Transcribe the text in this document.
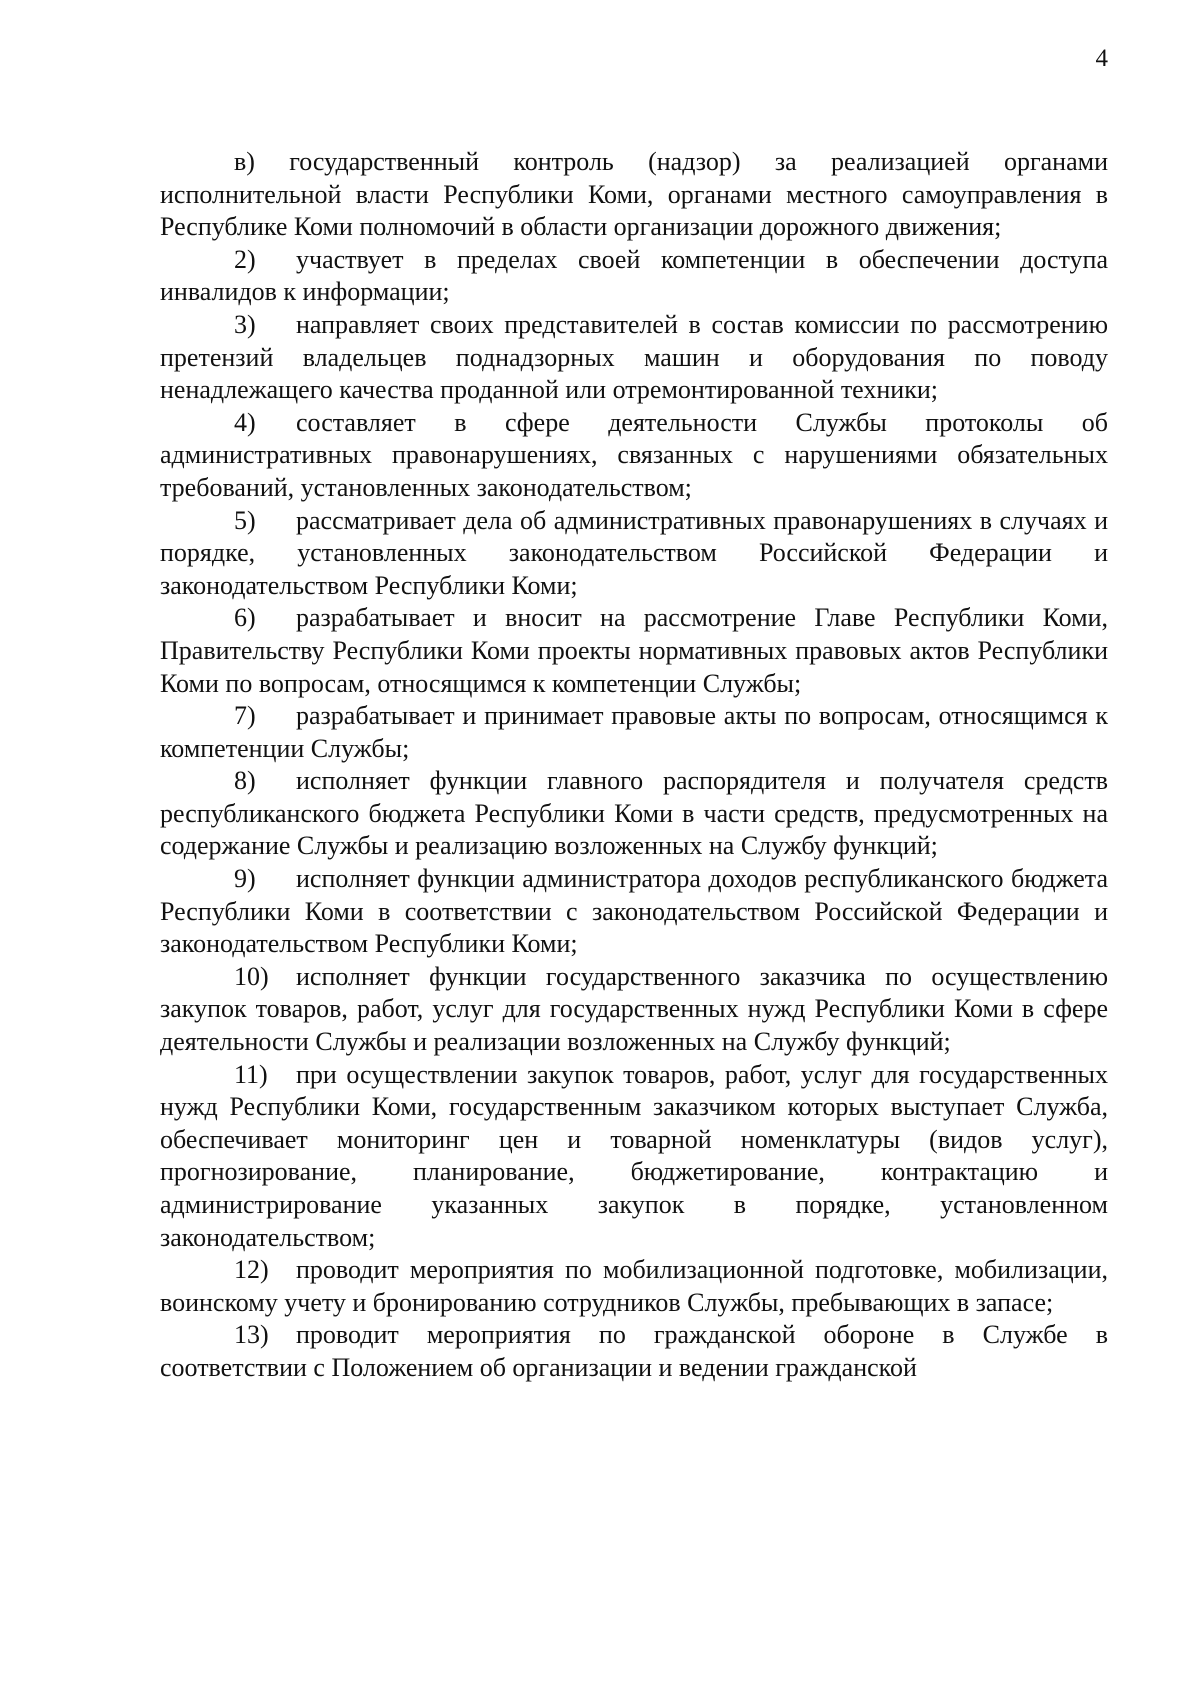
4

в) государственный контроль (надзор) за реализацией органами исполнительной власти Республики Коми, органами местного самоуправления в Республике Коми полномочий в области организации дорожного движения;

2) участвует в пределах своей компетенции в обеспечении доступа инвалидов к информации;

3) направляет своих представителей в состав комиссии по рассмотрению претензий владельцев поднадзорных машин и оборудования по поводу ненадлежащего качества проданной или отремонтированной техники;

4) составляет в сфере деятельности Службы протоколы об административных правонарушениях, связанных с нарушениями обязательных требований, установленных законодательством;

5) рассматривает дела об административных правонарушениях в случаях и порядке, установленных законодательством Российской Федерации и законодательством Республики Коми;

6) разрабатывает и вносит на рассмотрение Главе Республики Коми, Правительству Республики Коми проекты нормативных правовых актов Республики Коми по вопросам, относящимся к компетенции Службы;

7) разрабатывает и принимает правовые акты по вопросам, относящимся к компетенции Службы;

8) исполняет функции главного распорядителя и получателя средств республиканского бюджета Республики Коми в части средств, предусмотренных на содержание Службы и реализацию возложенных на Службу функций;

9) исполняет функции администратора доходов республиканского бюджета Республики Коми в соответствии с законодательством Российской Федерации и законодательством Республики Коми;

10) исполняет функции государственного заказчика по осуществлению закупок товаров, работ, услуг для государственных нужд Республики Коми в сфере деятельности Службы и реализации возложенных на Службу функций;

11) при осуществлении закупок товаров, работ, услуг для государственных нужд Республики Коми, государственным заказчиком которых выступает Служба, обеспечивает мониторинг цен и товарной номенклатуры (видов услуг), прогнозирование, планирование, бюджетирование, контрактацию и администрирование указанных закупок в порядке, установленном законодательством;

12) проводит мероприятия по мобилизационной подготовке, мобилизации, воинскому учету и бронированию сотрудников Службы, пребывающих в запасе;

13) проводит мероприятия по гражданской обороне в Службе в соответствии с Положением об организации и ведении гражданской
